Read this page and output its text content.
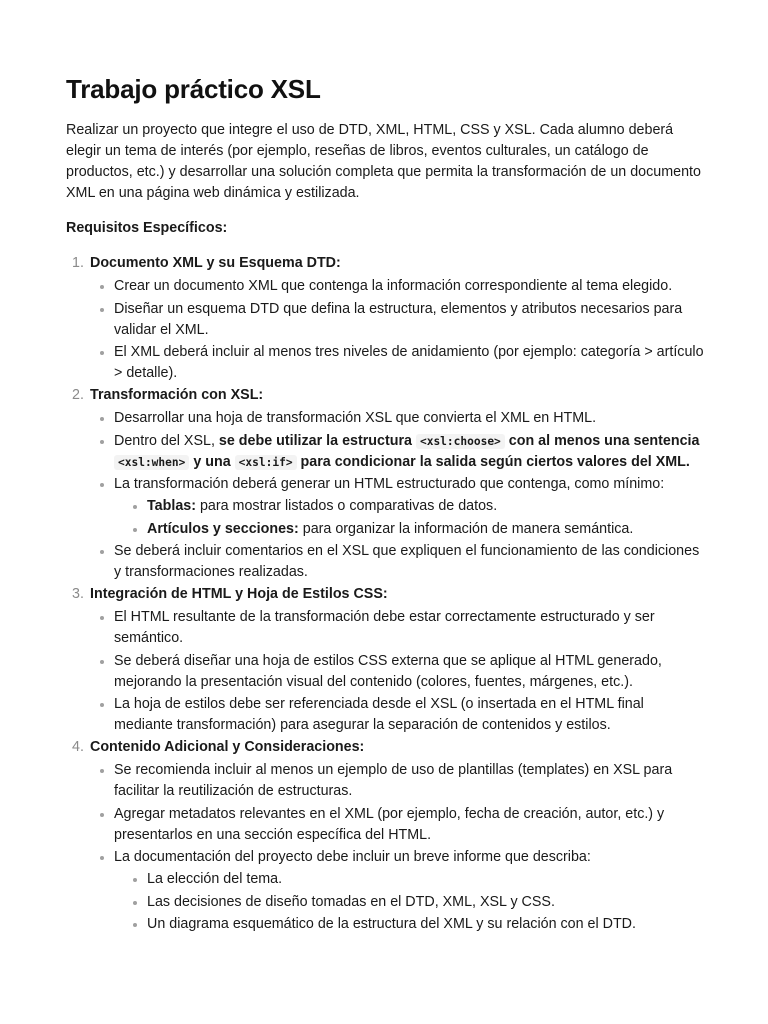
Trabajo práctico XSL

Realizar un proyecto que integre el uso de DTD, XML, HTML, CSS y XSL. Cada alumno deberá elegir un tema de interés (por ejemplo, reseñas de libros, eventos culturales, un catálogo de productos, etc.) y desarrollar una solución completa que permita la transformación de un documento XML en una página web dinámica y estilizada.

Requisitos Específicos:

1. Documento XML y su Esquema DTD:
Crear un documento XML que contenga la información correspondiente al tema elegido.
Diseñar un esquema DTD que defina la estructura, elementos y atributos necesarios para validar el XML.
El XML deberá incluir al menos tres niveles de anidamiento (por ejemplo: categoría > artículo > detalle).
2. Transformación con XSL:
Desarrollar una hoja de transformación XSL que convierta el XML en HTML.
Dentro del XSL, se debe utilizar la estructura <xsl:choose> con al menos una sentencia <xsl:when> y una <xsl:if> para condicionar la salida según ciertos valores del XML.
La transformación deberá generar un HTML estructurado que contenga, como mínimo:
Tablas: para mostrar listados o comparativas de datos.
Artículos y secciones: para organizar la información de manera semántica.
Se deberá incluir comentarios en el XSL que expliquen el funcionamiento de las condiciones y transformaciones realizadas.
3. Integración de HTML y Hoja de Estilos CSS:
El HTML resultante de la transformación debe estar correctamente estructurado y ser semántico.
Se deberá diseñar una hoja de estilos CSS externa que se aplique al HTML generado, mejorando la presentación visual del contenido (colores, fuentes, márgenes, etc.).
La hoja de estilos debe ser referenciada desde el XSL (o insertada en el HTML final mediante transformación) para asegurar la separación de contenidos y estilos.
4. Contenido Adicional y Consideraciones:
Se recomienda incluir al menos un ejemplo de uso de plantillas (templates) en XSL para facilitar la reutilización de estructuras.
Agregar metadatos relevantes en el XML (por ejemplo, fecha de creación, autor, etc.) y presentarlos en una sección específica del HTML.
La documentación del proyecto debe incluir un breve informe que describa:
La elección del tema.
Las decisiones de diseño tomadas en el DTD, XML, XSL y CSS.
Un diagrama esquemático de la estructura del XML y su relación con el DTD.
